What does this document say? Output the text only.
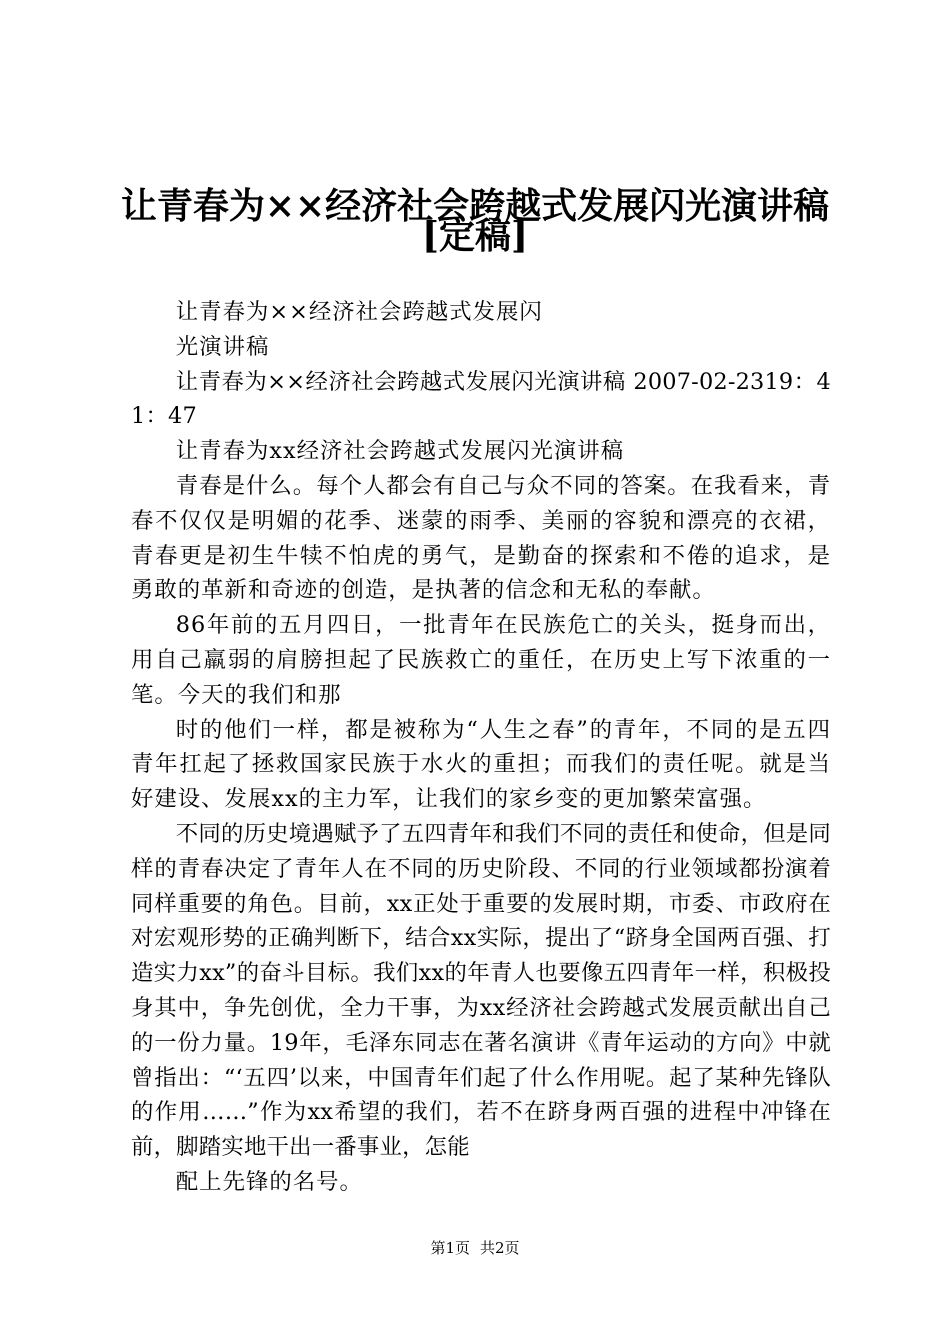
让青春为××经济社会跨越式发展闪光演讲稿
[定稿]

让青春为××经济社会跨越式发展闪

光演讲稿

让青春为××经济社会跨越式发展闪光演讲稿 2007-02-2319：41：47

让青春为xx经济社会跨越式发展闪光演讲稿

青春是什么。每个人都会有自己与众不同的答案。在我看来，青春不仅仅是明媚的花季、迷蒙的雨季、美丽的容貌和漂亮的衣裙，青春更是初生牛犊不怕虎的勇气，是勤奋的探索和不倦的追求，是勇敢的革新和奇迹的创造，是执著的信念和无私的奉献。

86年前的五月四日，一批青年在民族危亡的关头，挺身而出，用自己羸弱的肩膀担起了民族救亡的重任，在历史上写下浓重的一笔。今天的我们和那

时的他们一样，都是被称为“人生之春”的青年，不同的是五四青年扛起了拯救国家民族于水火的重担；而我们的责任呢。就是当好建设、发展xx的主力军，让我们的家乡变的更加繁荣富强。

不同的历史境遇赋予了五四青年和我们不同的责任和使命，但是同样的青春决定了青年人在不同的历史阶段、不同的行业领域都扮演着同样重要的角色。目前，xx正处于重要的发展时期，市委、市政府在对宏观形势的正确判断下，结合xx实际，提出了“跻身全国两百强、打造实力xx”的奋斗目标。我们xx的年青人也要像五四青年一样，积极投身其中，争先创优，全力干事，为xx经济社会跨越式发展贡献出自己的一份力量。19年，毛泽东同志在著名演讲《青年运动的方向》中就曾指出：“‘五四’以来，中国青年们起了什么作用呢。起了某种先锋队的作用……”作为xx希望的我们，若不在跻身两百强的进程中冲锋在前，脚踏实地干出一番事业，怎能

配上先锋的名号。

第1页 共2页
